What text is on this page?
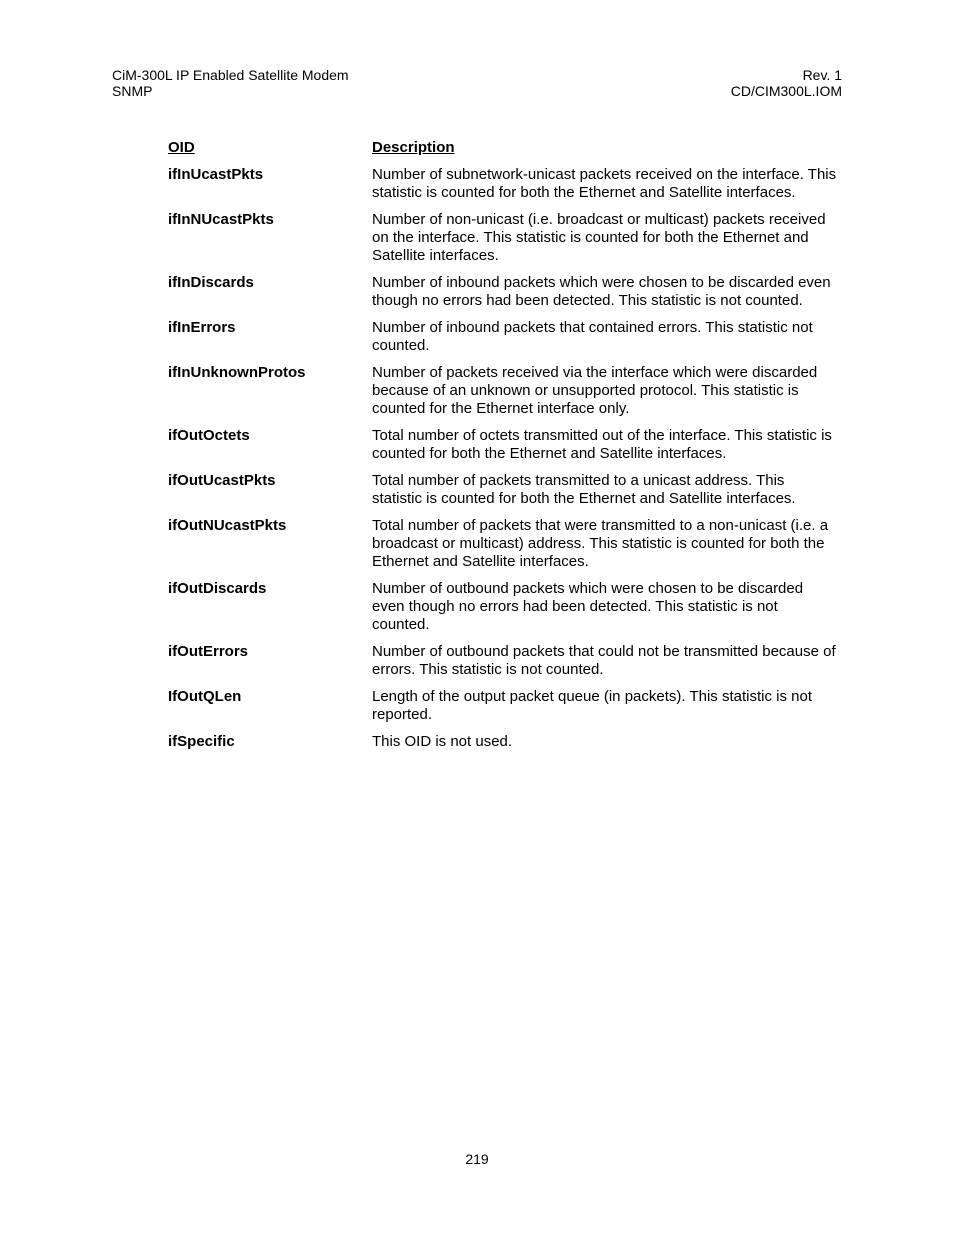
CiM-300L IP Enabled Satellite Modem
SNMP
Rev. 1
CD/CIM300L.IOM
OID	Description
ifInUcastPkts	Number of subnetwork-unicast packets received on the interface. This statistic is counted for both the Ethernet and Satellite interfaces.
ifInNUcastPkts	Number of non-unicast (i.e. broadcast or multicast) packets received on the interface. This statistic is counted for both the Ethernet and Satellite interfaces.
ifInDiscards	Number of inbound packets which were chosen to be discarded even though no errors had been detected. This statistic is not counted.
ifInErrors	Number of inbound packets that contained errors. This statistic not counted.
ifInUnknownProtos	Number of packets received via the interface which were discarded because of an unknown or unsupported protocol. This statistic is counted for the Ethernet interface only.
ifOutOctets	Total number of octets transmitted out of the interface. This statistic is counted for both the Ethernet and Satellite interfaces.
ifOutUcastPkts	Total number of packets transmitted to a unicast address. This statistic is counted for both the Ethernet and Satellite interfaces.
ifOutNUcastPkts	Total number of packets that were transmitted to a non-unicast (i.e. a broadcast or multicast) address. This statistic is counted for both the Ethernet and Satellite interfaces.
ifOutDiscards	Number of outbound packets which were chosen to be discarded even though no errors had been detected. This statistic is not counted.
ifOutErrors	Number of outbound packets that could not be transmitted because of errors. This statistic is not counted.
IfOutQLen	Length of the output packet queue (in packets). This statistic is not reported.
ifSpecific	This OID is not used.
219
